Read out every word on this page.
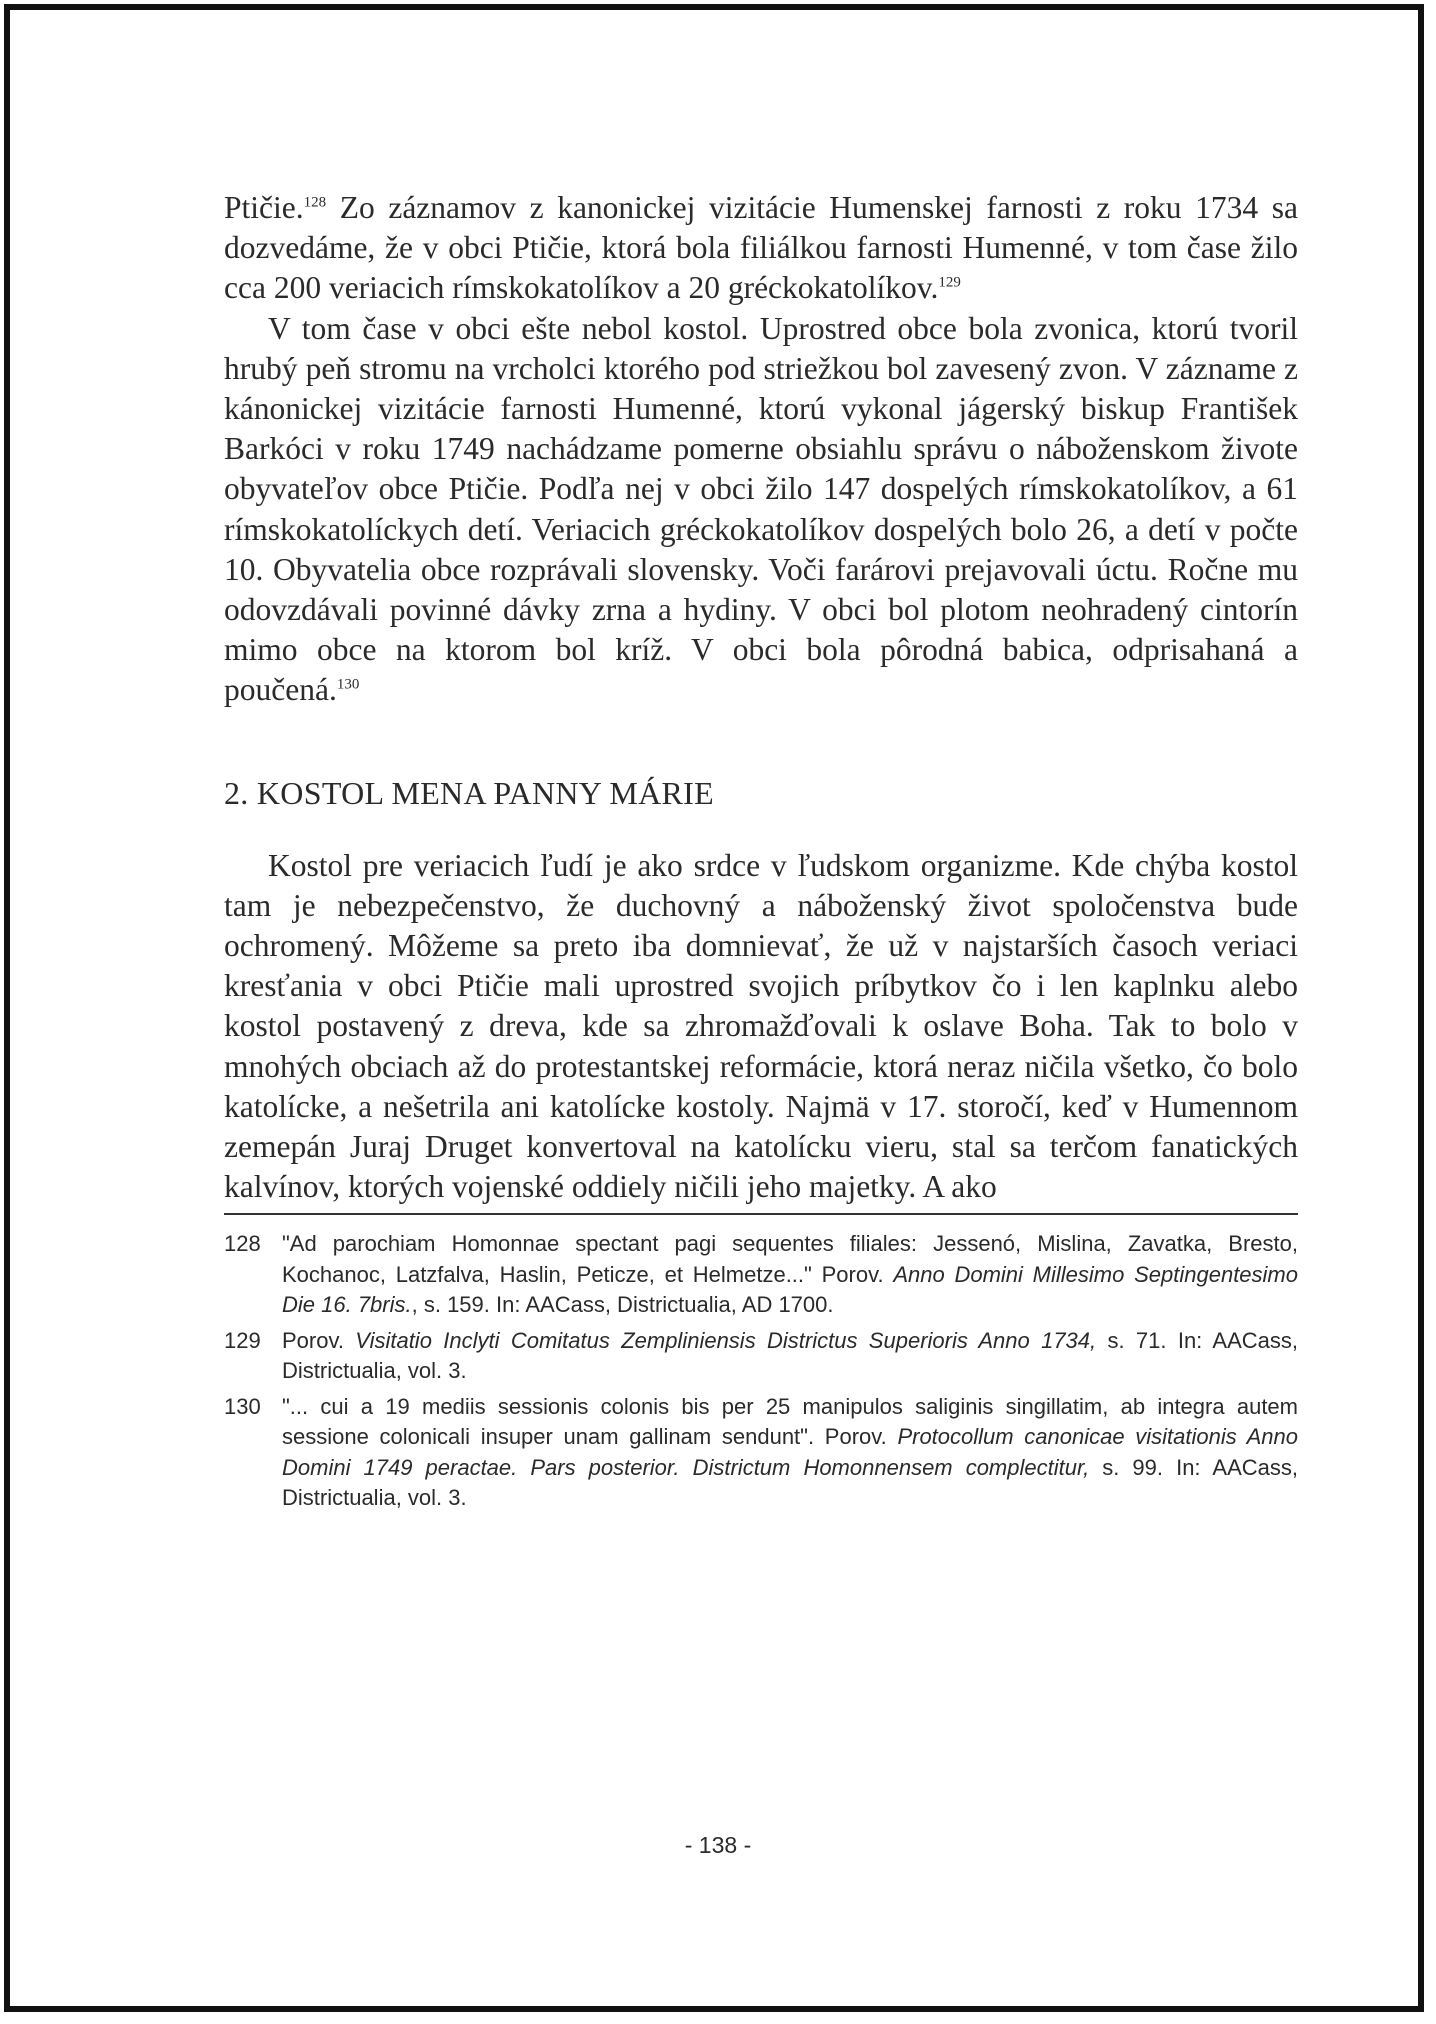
Ptičie.$^{128}$ Zo záznamov z kanonickej vizitácie Humenskej farnosti z roku 1734 sa dozvedáme, že v obci Ptičie, ktorá bola filiálkou farnosti Humenné, v tom čase žilo cca 200 veriacich rímskokatolíkov a 20 gréckokatolíkov.$^{129}$

V tom čase v obci ešte nebol kostol. Uprostred obce bola zvonica, ktorú tvoril hrubý peň stromu na vrcholci ktorého pod striežkou bol zavesený zvon. V zázname z kánonickej vizitácie farnosti Humenné, ktorú vykonal jágerský biskup František Barkóci v roku 1749 nachádzame pomerne obsiahlu správu o náboženskom živote obyvateľov obce Ptičie. Podľa nej v obci žilo 147 dospelých rímskokatolíkov, a 61 rímskokatolíckych detí. Veriacich gréckokatolíkov dospelých bolo 26, a detí v počte 10. Obyvatelia obce rozprávali slovensky. Voči farárovi prejavovali úctu. Ročne mu odovzdávali povinné dávky zrna a hydiny. V obci bol plotom neohradený cintorín mimo obce na ktorom bol kríž. V obci bola pôrodná babica, odprisahaná a poučená.$^{130}$

2. KOSTOL MENA PANNY MÁRIE

Kostol pre veriacich ľudí je ako srdce v ľudskom organizme. Kde chýba kostol tam je nebezpečenstvo, že duchovný a náboženský život spoločenstva bude ochromený. Môžeme sa preto iba domnievať, že už v najstarších časoch veriaci kresťania v obci Ptičie mali uprostred svojich príbytkov čo i len kaplnku alebo kostol postavený z dreva, kde sa zhromažďovali k oslave Boha. Tak to bolo v mnohých obciach až do protestantskej reformácie, ktorá neraz ničila všetko, čo bolo katolícke, a nešetrila ani katolícke kostoly. Najmä v 17. storočí, keď v Humennom zemepán Juraj Druget konvertoval na katolícku vieru, stal sa terčom fanatických kalvínov, ktorých vojenské oddiely ničili jeho majetky. A ako

128 "Ad parochiam Homonnae spectant pagi sequentes filiales: Jessenó, Mislina, Zavatka, Bresto, Kochanoc, Latzfalva, Haslin, Peticze, et Helmetze..." Porov. Anno Domini Millesimo Septingentesimo Die 16. 7bris., s. 159. In: AACass, Districtualia, AD 1700.
129 Porov. Visitatio Inclyti Comitatus Zempliniensis Districtus Superioris Anno 1734, s. 71. In: AACass, Districtualia, vol. 3.
130 "... cui a 19 mediis sessionis colonis bis per 25 manipulos saliginis singillatim, ab integra autem sessione colonicali insuper unam gallinam sendunt". Porov. Protocollum canonicae visitationis Anno Domini 1749 peractae. Pars posterior. Districtum Homonnensem complectitur, s. 99. In: AACass, Districtualia, vol. 3.
- 138 -
